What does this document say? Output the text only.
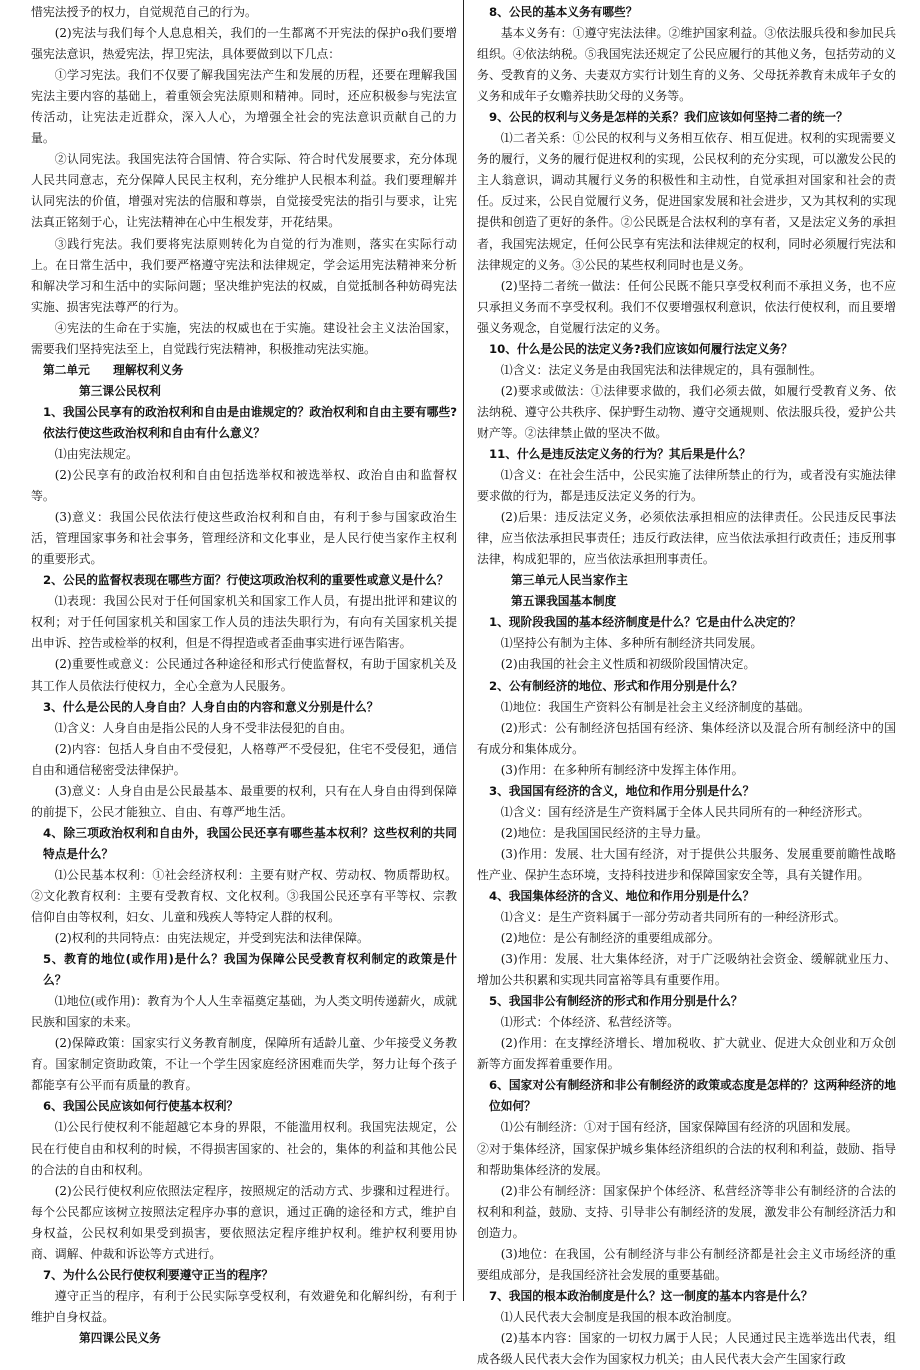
惜宪法授予的权力，自觉规范自己的行为。

(2)宪法与我们每个人息息相关，我们的一生都离不开宪法的保护o我们要增强宪法意识，热爱宪法，捍卫宪法，具体要做到以下几点：

①学习宪法。我们不仅要了解我国宪法产生和发展的历程，还要在理解我国宪法主要内容的基础上，着重领会宪法原则和精神。同时，还应积极参与宪法宣传活动，让宪法走近群众，深入人心，为增强全社会的宪法意识贡献自己的力量。

②认同宪法。我国宪法符合国情、符合实际、符合时代发展要求，充分体现人民共同意志，充分保障人民民主权利，充分维护人民根本利益。我们要理解并认同宪法的价值，增强对宪法的信服和尊崇，自觉接受宪法的指引与要求，让宪法真正铭刻于心，让宪法精神在心中生根发芽，开花结果。

③践行宪法。我们要将宪法原则转化为自觉的行为准则，落实在实际行动上。在日常生活中，我们要严格遵守宪法和法律规定，学会运用宪法精神来分析和解决学习和生活中的实际问题；坚决维护宪法的权威，自觉抵制各种妨碍宪法实施、损害宪法尊严的行为。

④宪法的生命在于实施，宪法的权威也在于实施。建设社会主义法治国家，需要我们坚持宪法至上，自觉践行宪法精神，积极推动宪法实施。

第二单元　　理解权利义务

第三课公民权利

1、我国公民享有的政治权利和自由是由谁规定的？政治权利和自由主要有哪些?依法行使这些政治权利和自由有什么意义？

⑴由宪法规定。

(2)公民享有的政治权利和自由包括选举权和被选举权、政治自由和监督权等。

(3)意义：我国公民依法行使这些政治权利和自由，有利于参与国家政治生活，管理国家事务和社会事务，管理经济和文化事业，是人民行使当家作主权利的重要形式。

2、公民的监督权表现在哪些方面？行使这项政治权利的重要性或意义是什么？

⑴表现：我国公民对于任何国家机关和国家工作人员，有提出批评和建议的权利；对于任何国家机关和国家工作人员的违法失职行为，有向有关国家机关提出申诉、控告或检举的权利，但是不得捏造或者歪曲事实进行诬告陷害。

(2)重要性或意义：公民通过各种途径和形式行使监督权，有助于国家机关及其工作人员依法行使权力，全心全意为人民服务。

3、什么是公民的人身自由？人身自由的内容和意义分别是什么？

⑴含义：人身自由是指公民的人身不受非法侵犯的自由。

(2)内容：包括人身自由不受侵犯，人格尊严不受侵犯，住宅不受侵犯，通信自由和通信秘密受法律保护。

(3)意义：人身自由是公民最基本、最重要的权利，只有在人身自由得到保障的前提下，公民才能独立、自由、有尊严地生活。

4、除三项政治权利和自由外，我国公民还享有哪些基本权利？这些权利的共同特点是什么？

⑴公民基本权利：①社会经济权利：主要有财产权、劳动权、物质帮助权。②文化教育权利：主要有受教育权、文化权利。③我国公民还享有平等权、宗教信仰自由等权利，妇女、儿童和残疾人等特定人群的权利。

(2)权利的共同特点：由宪法规定，并受到宪法和法律保障。

5、教育的地位(或作用)是什么？我国为保障公民受教育权利制定的政策是什么？

⑴地位(或作用)：教育为个人人生幸福奠定基础，为人类文明传递薪火，成就民族和国家的未来。

(2)保障政策：国家实行义务教育制度，保障所有适龄儿童、少年接受义务教育。国家制定资助政策，不让一个学生因家庭经济困难而失学，努力让每个孩子都能享有公平而有质量的教育。

6、我国公民应该如何行使基本权利？

⑴公民行使权利不能超越它本身的界限，不能滥用权利。我国宪法规定，公民在行使自由和权利的时候，不得损害国家的、社会的，集体的利益和其他公民的合法的自由和权利。

(2)公民行使权利应依照法定程序，按照规定的活动方式、步骤和过程进行。每个公民都应该树立按照法定程序办事的意识，通过正确的途径和方式，维护自身权益，公民权利如果受到损害，要依照法定程序维护权利。维护权利要用协商、调解、仲裁和诉讼等方式进行。

7、为什么公民行使权利要遵守正当的程序？

遵守正当的程序，有利于公民实际享受权利，有效避免和化解纠纷，有利于维护自身权益。

第四课公民义务

8、公民的基本义务有哪些？

基本义务有：①遵守宪法法律。②维护国家利益。③依法服兵役和参加民兵组织。④依法纳税。⑤我国宪法还规定了公民应履行的其他义务，包括劳动的义务、受教育的义务、夫妻双方实行计划生育的义务、父母抚养教育未成年子女的义务和成年子女赡养扶助父母的义务等。

9、公民的权利与义务是怎样的关系？我们应该如何坚持二者的统一？

⑴二者关系：①公民的权利与义务相互依存、相互促进。权利的实现需要义务的履行，义务的履行促进权利的实现，公民权利的充分实现，可以激发公民的主人翁意识，调动其履行义务的积极性和主动性，自觉承担对国家和社会的责任。反过来，公民自觉履行义务，促进国家发展和社会进步，又为其权利的实现提供和创造了更好的条件。②公民既是合法权利的享有者，又是法定义务的承担者，我国宪法规定，任何公民享有宪法和法律规定的权利，同时必须履行宪法和法律规定的义务。③公民的某些权利同时也是义务。

(2)坚持二者统一做法：任何公民既不能只享受权利而不承担义务，也不应只承担义务而不享受权利。我们不仅要增强权利意识，依法行使权利，而且要增强义务观念，自觉履行法定的义务。

10、什么是公民的法定义务?我们应该如何履行法定义务？

⑴含义：法定义务是由我国宪法和法律规定的，具有强制性。

(2)要求或做法：①法律要求做的，我们必须去做，如履行受教育义务、依法纳税、遵守公共秩序、保护野生动物、遵守交通规则、依法服兵役，爱护公共财产等。②法律禁止做的坚决不做。

11、什么是违反法定义务的行为？其后果是什么？

⑴含义：在社会生活中，公民实施了法律所禁止的行为，或者没有实施法律要求做的行为，都是违反法定义务的行为。

(2)后果：违反法定义务，必须依法承担相应的法律责任。公民违反民事法律，应当依法承担民事责任；违反行政法律，应当依法承担行政责任；违反刑事法律，构成犯罪的，应当依法承担刑事责任。

第三单元人民当家作主

第五课我国基本制度

1、现阶段我国的基本经济制度是什么？它是由什么决定的？

⑴坚持公有制为主体、多种所有制经济共同发展。

(2)由我国的社会主义性质和初级阶段国情决定。

2、公有制经济的地位、形式和作用分别是什么？

⑴地位：我国生产资料公有制是社会主义经济制度的基础。

(2)形式：公有制经济包括国有经济、集体经济以及混合所有制经济中的国有成分和集体成分。

(3)作用：在多种所有制经济中发挥主体作用。

3、我国国有经济的含义，地位和作用分别是什么？

⑴含义：国有经济是生产资料属于全体人民共同所有的一种经济形式。

(2)地位：是我国国民经济的主导力量。

(3)作用：发展、壮大国有经济，对于提供公共服务、发展重要前瞻性战略性产业、保护生态环境，支持科技进步和保障国家安全等，具有关键作用。

4、我国集体经济的含义、地位和作用分别是什么？

⑴含义：是生产资料属于一部分劳动者共同所有的一种经济形式。

(2)地位：是公有制经济的重要组成部分。

(3)作用：发展、壮大集体经济，对于广泛吸纳社会资金、缓解就业压力、增加公共积累和实现共同富裕等具有重要作用。

5、我国非公有制经济的形式和作用分别是什么？

⑴形式：个体经济、私营经济等。

(2)作用：在支撑经济增长、增加税收、扩大就业、促进大众创业和万众创新等方面发挥着重要作用。

6、国家对公有制经济和非公有制经济的政策或态度是怎样的？这两种经济的地位如何？

⑴公有制经济：①对于国有经济，国家保障国有经济的巩固和发展。

②对于集体经济，国家保护城乡集体经济组织的合法的权利和利益，鼓励、指导和帮助集体经济的发展。

(2)非公有制经济：国家保护个体经济、私营经济等非公有制经济的合法的权利和利益，鼓励、支持、引导非公有制经济的发展，激发非公有制经济活力和创造力。

(3)地位：在我国，公有制经济与非公有制经济都是社会主义市场经济的重要组成部分，是我国经济社会发展的重要基础。

7、我国的根本政治制度是什么？这一制度的基本内容是什么？

⑴人民代表大会制度是我国的根本政治制度。

(2)基本内容：国家的一切权力属于人民；人民通过民主选举选出代表，组成各级人民代表大会作为国家权力机关；由人民代表大会产生国家行政
